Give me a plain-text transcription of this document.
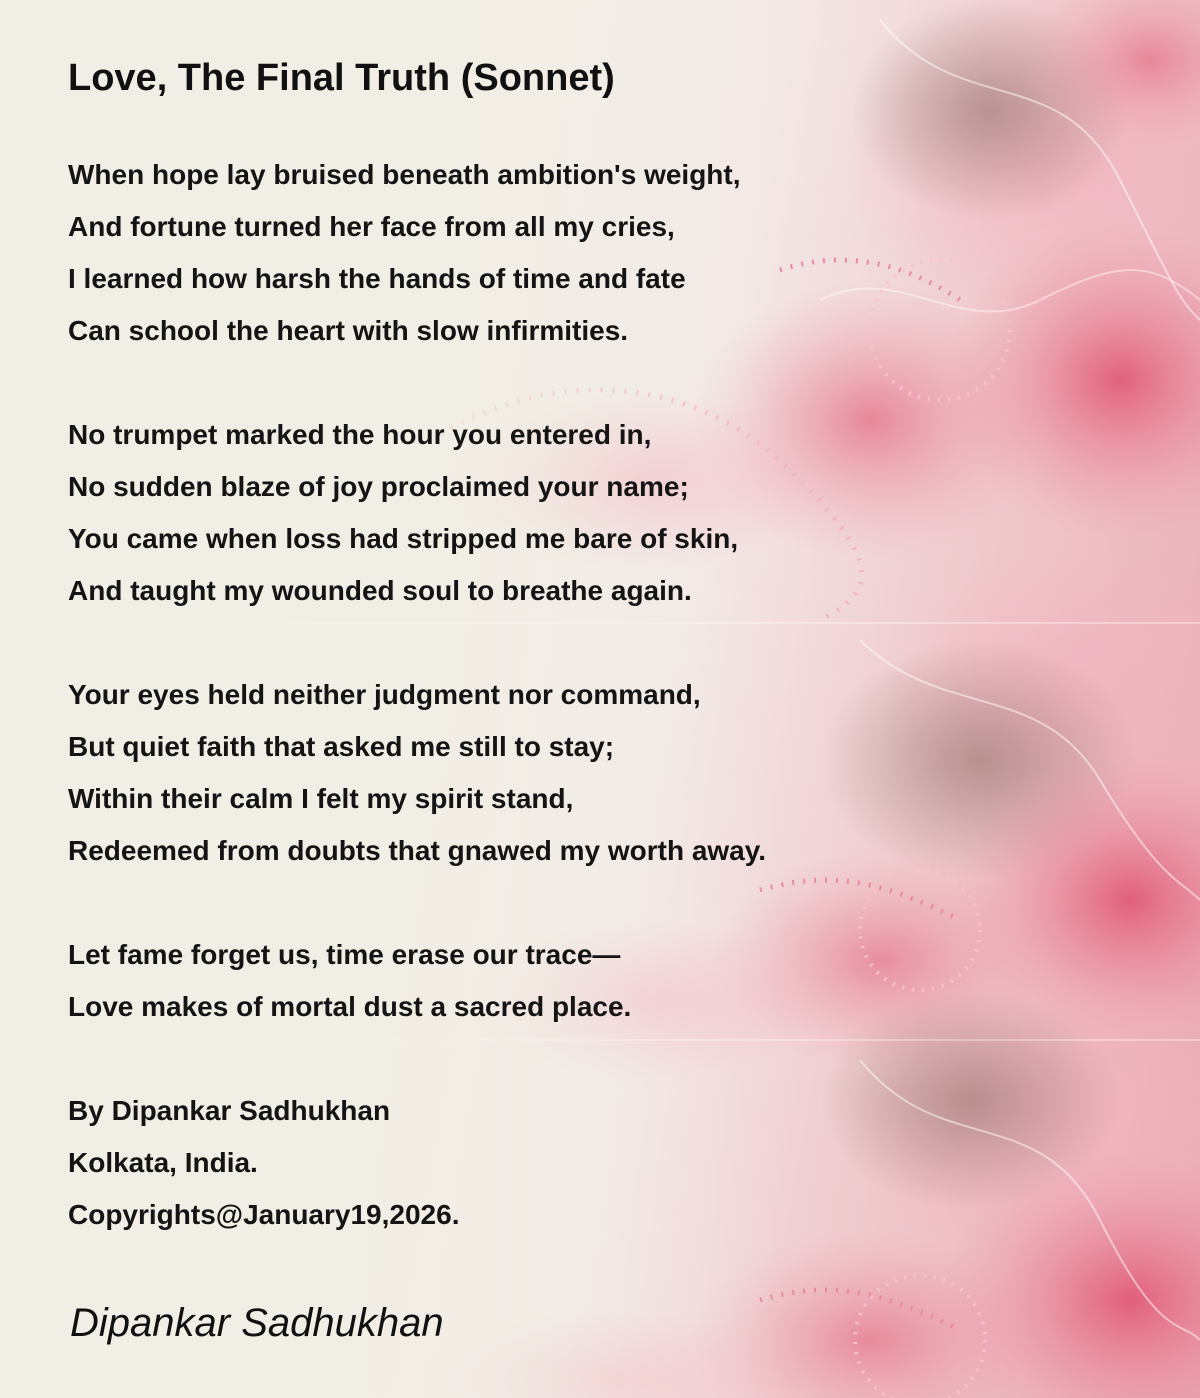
Love, The Final Truth (Sonnet)

When hope lay bruised beneath ambition's weight,

And fortune turned her face from all my cries,

I learned how harsh the hands of time and fate

Can school the heart with slow infirmities.

No trumpet marked the hour you entered in,

No sudden blaze of joy proclaimed your name;

You came when loss had stripped me bare of skin,

And taught my wounded soul to breathe again.

Your eyes held neither judgment nor command,

But quiet faith that asked me still to stay;

Within their calm I felt my spirit stand,

Redeemed from doubts that gnawed my worth away.

Let fame forget us, time erase our trace—

Love makes of mortal dust a sacred place.

By Dipankar Sadhukhan

Kolkata, India.

Copyrights@January19,2026.

Dipankar Sadhukhan
